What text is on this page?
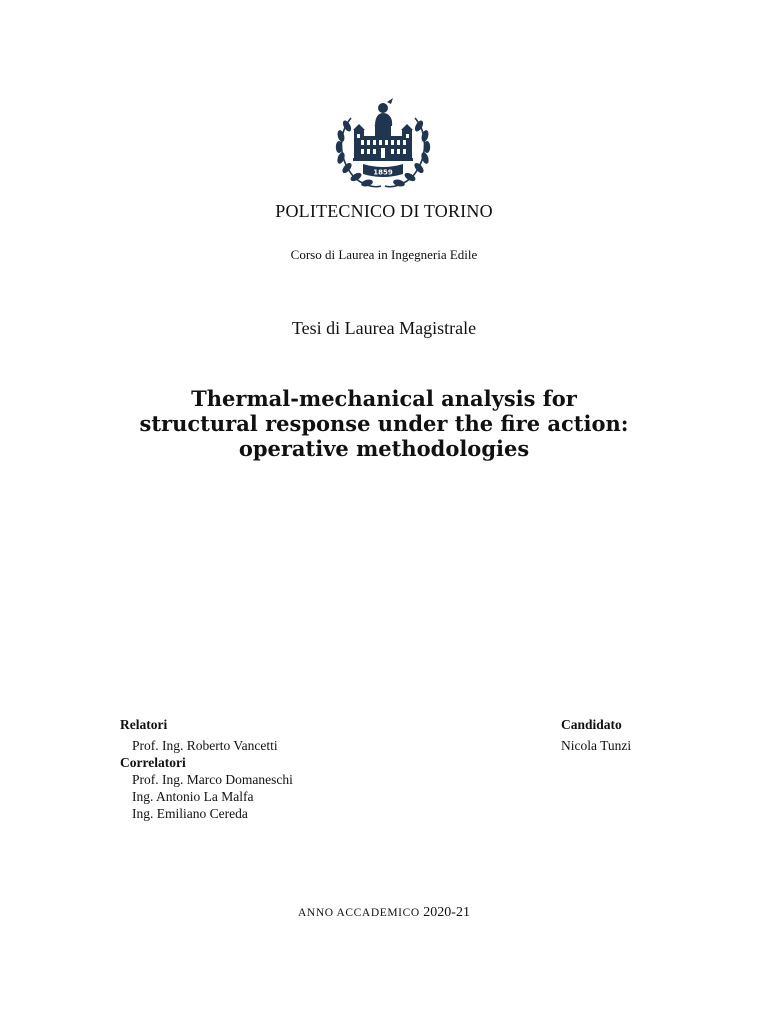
1859
POLITECNICO DI TORINO
Corso di Laurea in Ingegneria Edile
Tesi di Laurea Magistrale
Thermal-mechanical analysis for
structural response under the fire action:
operative methodologies
Relatori
Prof. Ing. Roberto Vancetti
Correlatori
Prof. Ing. Marco Domaneschi
Ing. Antonio La Malfa
Ing. Emiliano Cereda
Candidato
Nicola Tunzi
ANNO ACCADEMICO 2020-21
